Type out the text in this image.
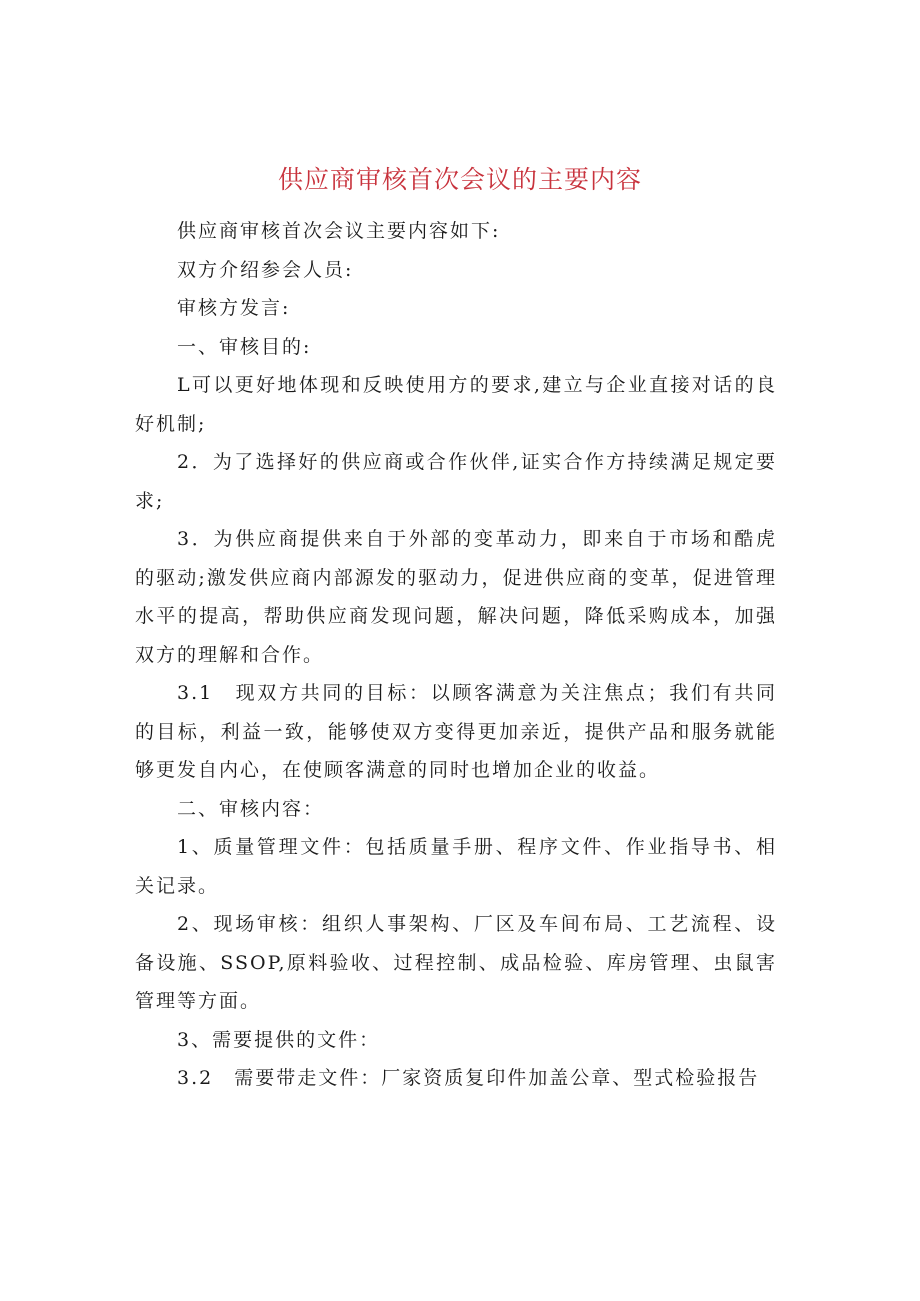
供应商审核首次会议的主要内容

供应商审核首次会议主要内容如下:

双方介绍参会人员:

审核方发言:

一、审核目的:

L可以更好地体现和反映使用方的要求,建立与企业直接对话的良好机制;

2．为了选择好的供应商或合作伙伴,证实合作方持续满足规定要求;

3．为供应商提供来自于外部的变革动力，即来自于市场和酷虎的驱动;激发供应商内部源发的驱动力，促进供应商的变革，促进管理水平的提高，帮助供应商发现问题，解决问题，降低采购成本，加强双方的理解和合作。

3.1　现双方共同的目标：以顾客满意为关注焦点；我们有共同的目标，利益一致，能够使双方变得更加亲近，提供产品和服务就能够更发自内心，在使顾客满意的同时也增加企业的收益。

二、审核内容：

1、质量管理文件：包括质量手册、程序文件、作业指导书、相关记录。

2、现场审核：组织人事架构、厂区及车间布局、工艺流程、设备设施、SSOP,原料验收、过程控制、成品检验、库房管理、虫鼠害管理等方面。

3、需要提供的文件：

3.2　需要带走文件：厂家资质复印件加盖公章、型式检验报告
